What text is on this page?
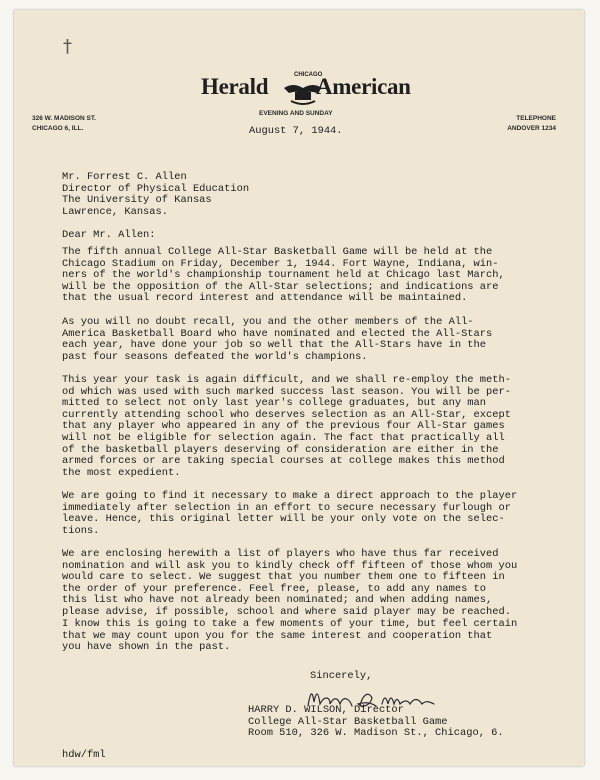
†
Herald	CHICAGO
American
EVENING AND SUNDAY
326 W. MADISON ST.
CHICAGO 6, ILL.
TELEPHONE
ANDOVER 1234
August 7, 1944.
Mr. Forrest C. Allen
Director of Physical Education
The University of Kansas
Lawrence, Kansas.
Dear Mr. Allen:
The fifth annual College All-Star Basketball Game will be held at the
Chicago Stadium on Friday, December 1, 1944. Fort Wayne, Indiana, win-
ners of the world's championship tournament held at Chicago last March,
will be the opposition of the All-Star selections; and indications are
that the usual record interest and attendance will be maintained.
As you will no doubt recall, you and the other members of the All-
America Basketball Board who have nominated and elected the All-Stars
each year, have done your job so well that the All-Stars have in the
past four seasons defeated the world's champions.
This year your task is again difficult, and we shall re-employ the meth-
od which was used with such marked success last season. You will be per-
mitted to select not only last year's college graduates, but any man
currently attending school who deserves selection as an All-Star, except
that any player who appeared in any of the previous four All-Star games
will not be eligible for selection again. The fact that practically all
of the basketball players deserving of consideration are either in the
armed forces or are taking special courses at college makes this method
the most expedient.
We are going to find it necessary to make a direct approach to the player
immediately after selection in an effort to secure necessary furlough or
leave. Hence, this original letter will be your only vote on the selec-
tions.
We are enclosing herewith a list of players who have thus far received
nomination and will ask you to kindly check off fifteen of those whom you
would care to select. We suggest that you number them one to fifteen in
the order of your preference. Feel free, please, to add any names to
this list who have not already been nominated; and when adding names,
please advise, if possible, school and where said player may be reached.
I know this is going to take a few moments of your time, but feel certain
that we may count upon you for the same interest and cooperation that
you have shown in the past.
Sincerely,
HARRY D. WILSON, Director
College All-Star Basketball Game
Room 510, 326 W. Madison St., Chicago, 6.
hdw/fml
